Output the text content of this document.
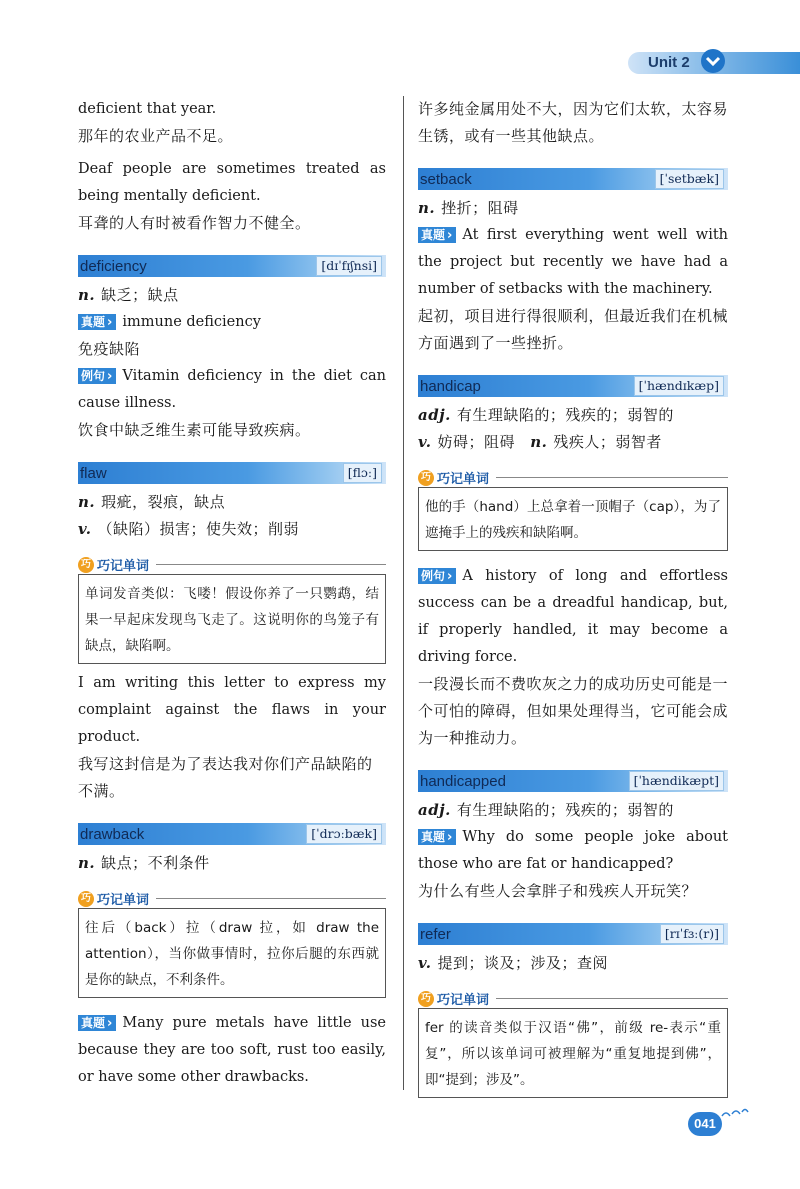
Unit 2

deficient that year.

那年的农业产品不足。

Deaf people are sometimes treated as being mentally deficient.

耳聋的人有时被看作智力不健全。

deficiency	[dɪˈfɪʃnsi]

n. 缺乏；缺点

真题 › immune deficiency

免疫缺陷

例句 › Vitamin deficiency in the diet can cause illness.

饮食中缺乏维生素可能导致疾病。

flaw	[flɔː]

n. 瑕疵，裂痕，缺点

v. （缺陷）损害；使失效；削弱

巧 巧记单词
单词发音类似：飞喽！假设你养了一只鹦鹉，结果一早起床发现鸟飞走了。这说明你的鸟笼子有缺点，缺陷啊。

I am writing this letter to express my complaint against the flaws in your product.

我写这封信是为了表达我对你们产品缺陷的不满。

drawback	[ˈdrɔːbæk]

n. 缺点；不利条件

巧 巧记单词
往后（back）拉（draw 拉，如 draw the attention），当你做事情时，拉你后腿的东西就是你的缺点，不利条件。

真题 › Many pure metals have little use because they are too soft, rust too easily, or have some other drawbacks.

许多纯金属用处不大，因为它们太软，太容易生锈，或有一些其他缺点。

setback	[ˈsetbæk]

n. 挫折；阻碍

真题 › At first everything went well with the project but recently we have had a number of setbacks with the machinery.

起初，项目进行得很顺利，但最近我们在机械方面遇到了一些挫折。

handicap	[ˈhændɪkæp]

adj. 有生理缺陷的；残疾的；弱智的

v. 妨碍；阻碍 n. 残疾人；弱智者

巧 巧记单词
他的手（hand）上总拿着一顶帽子（cap），为了遮掩手上的残疾和缺陷啊。

例句 › A history of long and effortless success can be a dreadful handicap, but, if properly handled, it may become a driving force.

一段漫长而不费吹灰之力的成功历史可能是一个可怕的障碍，但如果处理得当，它可能会成为一种推动力。

handicapped	[ˈhændikæpt]

adj. 有生理缺陷的；残疾的；弱智的

真题 › Why do some people joke about those who are fat or handicapped?

为什么有些人会拿胖子和残疾人开玩笑？

refer	[rɪˈfɜː(r)]

v. 提到；谈及；涉及；查阅

巧 巧记单词
fer 的读音类似于汉语“佛”，前级 re-表示“重复”，所以该单词可被理解为“重复地提到佛”，即“提到；涉及”。
041
